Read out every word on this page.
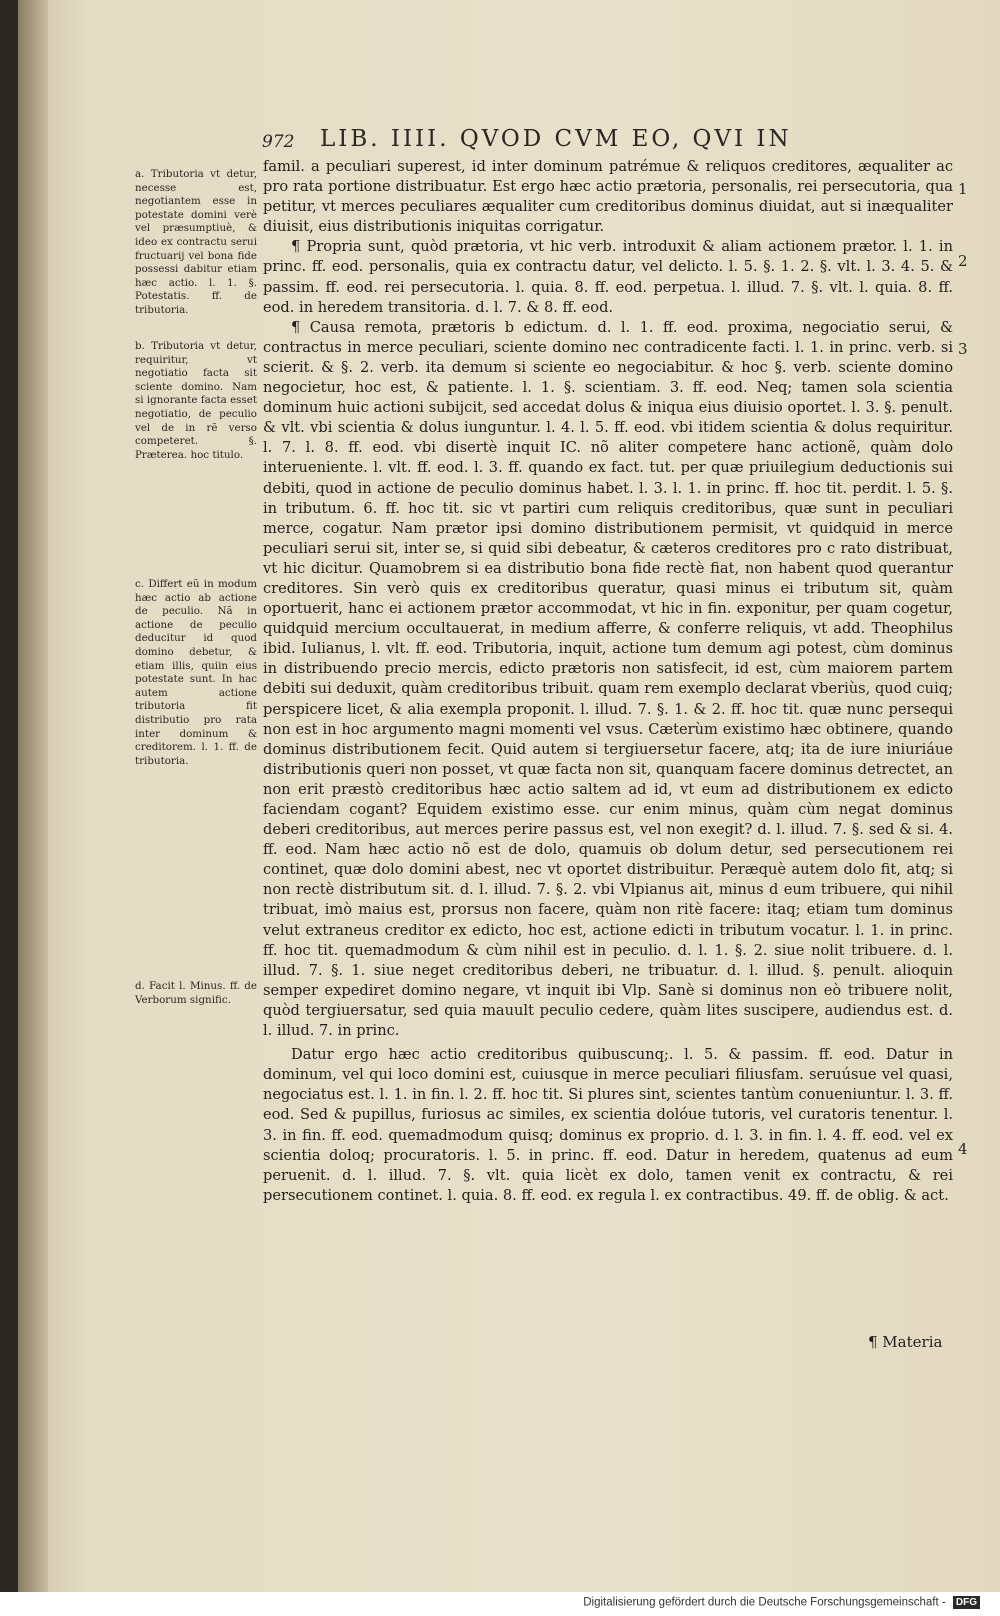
972 LIB. IIII. QVOD CVM EO, QVI IN
a. Tributoria vt detur, necesse est, negotiantem esse in potestate domini verè vel præsumptiuè, & ideo ex contractu serui fructuarij vel bona fide possessi dabitur etiam hæc actio. l. 1. §. Potestatis. ff. de tributoria.
b. Tributoria vt detur, requiritur, vt negotiatio facta sit sciente domino. Nam si ignorante facta esset negotiatio, de peculio vel de in rẽ verso competeret. §. Præterea. hoc titulo.
c. Differt eũ in modum hæc actio ab actione de peculio. Nã in actione de peculio deducitur id quod domino debetur, & etiam illis, quiin eius potestate sunt. In hac autem actione tributoria fit distributio pro rata inter dominum & creditorem. l. 1. ff. de tributoria.
d. Facit l. Minus. ff. de Verborum signific.
1
2
3
4

famil. a peculiari superest, id inter dominum patrémue & reliquos creditores, æqualiter ac pro rata portione distribuatur. Est ergo hæc actio prætoria, personalis, rei persecutoria, qua petitur, vt merces peculiares æqualiter cum creditoribus dominus diuidat, aut si inæqualiter diuisit, eius distributionis iniquitas corrigatur.

¶ Propria sunt, quòd prætoria, vt hic verb. introduxit & aliam actionem prætor. l. 1. in princ. ff. eod. personalis, quia ex contractu datur, vel delicto. l. 5. §. 1. 2. §. vlt. l. 3. 4. 5. & passim. ff. eod. rei persecutoria. l. quia. 8. ff. eod. perpetua. l. illud. 7. §. vlt. l. quia. 8. ff. eod. in heredem transitoria. d. l. 7. & 8. ff. eod.

¶ Causa remota, prætoris b edictum. d. l. 1. ff. eod. proxima, negociatio serui, & contractus in merce peculiari, sciente domino nec contradicente facti. l. 1. in princ. verb. si scierit. & §. 2. verb. ita demum si sciente eo negociabitur. & hoc §. verb. sciente domino negocietur, hoc est, & patiente. l. 1. §. scientiam. 3. ff. eod. Neq; tamen sola scientia dominum huic actioni subijcit, sed accedat dolus & iniqua eius diuisio oportet. l. 3. §. penult. & vlt. vbi scientia & dolus iunguntur. l. 4. l. 5. ff. eod. vbi itidem scientia & dolus requiritur. l. 7. l. 8. ff. eod. vbi disertè inquit IC. nõ aliter competere hanc actionẽ, quàm dolo interueniente. l. vlt. ff. eod. l. 3. ff. quando ex fact. tut. per quæ priuilegium deductionis sui debiti, quod in actione de peculio dominus habet. l. 3. l. 1. in princ. ff. hoc tit. perdit. l. 5. §. in tributum. 6. ff. hoc tit. sic vt partiri cum reliquis creditoribus, quæ sunt in peculiari merce, cogatur. Nam prætor ipsi domino distributionem permisit, vt quidquid in merce peculiari serui sit, inter se, si quid sibi debeatur, & cæteros creditores pro c rato distribuat, vt hic dicitur. Quamobrem si ea distributio bona fide rectè fiat, non habent quod querantur creditores. Sin verò quis ex creditoribus queratur, quasi minus ei tributum sit, quàm oportuerit, hanc ei actionem prætor accommodat, vt hic in fin. exponitur, per quam cogetur, quidquid mercium occultauerat, in medium afferre, & conferre reliquis, vt add. Theophilus ibid. Iulianus, l. vlt. ff. eod. Tributoria, inquit, actione tum demum agi potest, cùm dominus in distribuendo precio mercis, edicto prætoris non satisfecit, id est, cùm maiorem partem debiti sui deduxit, quàm creditoribus tribuit. quam rem exemplo declarat vberiùs, quod cuiq; perspicere licet, & alia exempla proponit. l. illud. 7. §. 1. & 2. ff. hoc tit. quæ nunc persequi non est in hoc argumento magni momenti vel vsus. Cæterùm existimo hæc obtinere, quando dominus distributionem fecit. Quid autem si tergiuersetur facere, atq; ita de iure iniuriáue distributionis queri non posset, vt quæ facta non sit, quanquam facere dominus detrectet, an non erit præstò creditoribus hæc actio saltem ad id, vt eum ad distributionem ex edicto faciendam cogant? Equidem existimo esse. cur enim minus, quàm cùm negat dominus deberi creditoribus, aut merces perire passus est, vel non exegit? d. l. illud. 7. §. sed & si. 4. ff. eod. Nam hæc actio nõ est de dolo, quamuis ob dolum detur, sed persecutionem rei continet, quæ dolo domini abest, nec vt oportet distribuitur. Peræquè autem dolo fit, atq; si non rectè distributum sit. d. l. illud. 7. §. 2. vbi Vlpianus ait, minus d eum tribuere, qui nihil tribuat, imò maius est, prorsus non facere, quàm non ritè facere: itaq; etiam tum dominus velut extraneus creditor ex edicto, hoc est, actione edicti in tributum vocatur. l. 1. in princ. ff. hoc tit. quemadmodum & cùm nihil est in peculio. d. l. 1. §. 2. siue nolit tribuere. d. l. illud. 7. §. 1. siue neget creditoribus deberi, ne tribuatur. d. l. illud. §. penult. alioquin semper expediret domino negare, vt inquit ibi Vlp. Sanè si dominus non eò tribuere nolit, quòd tergiuersatur, sed quia mauult peculio cedere, quàm lites suscipere, audiendus est. d. l. illud. 7. in princ.

Datur ergo hæc actio creditoribus quibuscunq;. l. 5. & passim. ff. eod. Datur in dominum, vel qui loco domini est, cuiusque in merce peculiari filiusfam. seruúsue vel quasi, negociatus est. l. 1. in fin. l. 2. ff. hoc tit. Si plures sint, scientes tantùm conueniuntur. l. 3. ff. eod. Sed & pupillus, furiosus ac similes, ex scientia dolóue tutoris, vel curatoris tenentur. l. 3. in fin. ff. eod. quemadmodum quisq; dominus ex proprio. d. l. 3. in fin. l. 4. ff. eod. vel ex scientia doloq; procuratoris. l. 5. in princ. ff. eod. Datur in heredem, quatenus ad eum peruenit. d. l. illud. 7. §. vlt. quia licèt ex dolo, tamen venit ex contractu, & rei persecutionem continet. l. quia. 8. ff. eod. ex regula l. ex contractibus. 49. ff. de oblig. & act.

¶ Materia
Digitalisierung gefördert durch die Deutsche Forschungsgemeinschaft - DFG
